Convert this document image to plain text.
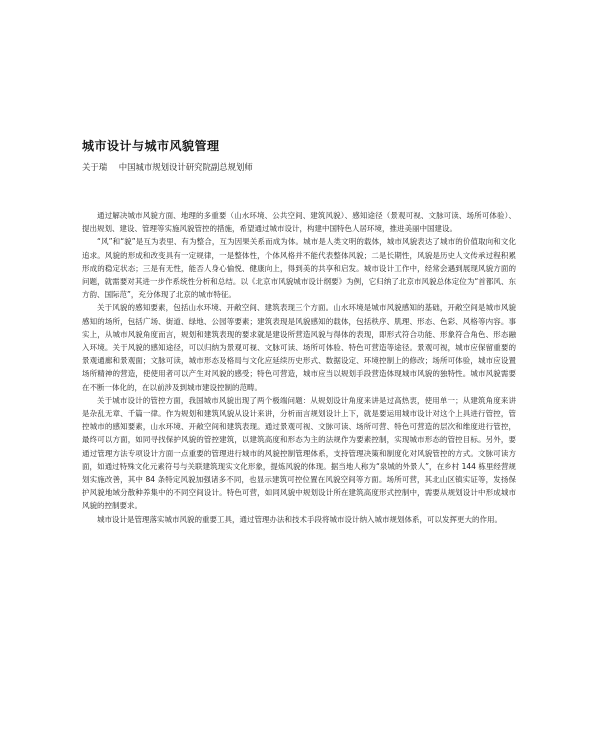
城市设计与城市风貌管理
关于瑞 中国城市规划设计研究院副总规划师

通过解决城市风貌方面、地理的多重要（山水环境、公共空间、建筑风貌）、感知途径（景观可视、文脉可读、场所可体验）、提出规划、建设、管理等实施风貌管控的措施，希望通过城市设计，构建中国特色人居环境，推进美丽中国建设。

“风”和“貌”是互为表里、有为整合，互为因果关系而成为体。城市是人类文明的载体，城市风貌表达了城市的价值取向和文化追求。风貌的形成和改变具有一定规律，一是整体性，个体风格并不能代表整体风貌；二是长期性，风貌是历史人文传承过程积累形成的稳定状态；三是有无性，能否人身心愉悦、健康向上，得到美的共享和启发。城市设计工作中，经常会遇到展现风貌方面的问题，就需要对其进一步作系统性分析和总结。以《北京市风貌城市设计纲要》为例，它归纳了北京市风貌总体定位为“首都风、东方韵、国际范”，充分体现了北京的城市特征。

关于风貌的感知要素，包括山水环境、开敞空间、建筑表现三个方面。山水环境是城市风貌感知的基础，开敞空间是城市风貌感知的场所，包括广场、街道、绿地、公园等要素；建筑表现是风貌感知的载体，包括秩序、肌理、形态、色彩、风格等内容。事实上，从城市风貌角度而言，规划和建筑表现的要求就是建设所营造风貌与得体的表现，即形式符合功能、形象符合角色、形态融入环境。关于风貌的感知途径，可以归纳为景观可视、文脉可读、场所可体验、特色可营造等途径。景观可视，城市应保留重要的景观通廊和景观面；文脉可读，城市形态及格局与文化应延续历史形式、数据设定、环境控制上的修改；场所可体验，城市应设置场所精神的营造，使使用者可以产生对风貌的感受；特色可营造，城市应当以规划手段营造体现城市风貌的独特性。城市风貌需要在不断一体化的，在以前涉及到城市建设控制的范畴。

关于城市设计的管控方面，我国城市风貌出现了两个极端问题：从规划设计角度来讲是过高热衷，使用单一；从建筑角度来讲是杂乱无章、千篇一律。作为规划和建筑风貌从设计来讲，分析而言规划设计上下，就是要运用城市设计对这个上具进行管控，管控城市的感知要素，山水环境、开敞空间和建筑表现。通过景观可视、文脉可读、场所可营、特色可营造的层次和维度进行管控，最终可以方面，如同寻找保护风貌的管控建筑，以建筑高度和形态为主的法规作为要素控制，实现城市形态的管控目标。另外，要通过管理方法专项设计方面一点重要的管理进行城市的风貌控制管理体系，支持管理决策和制度化对风貌管控的方式。文脉可读方面，如通过特殊文化元素符号与关联建筑现实文化形象，提炼风貌的体现。据当地人称为“泉城的外景人”，在乡村 144 栋里经营规划实施改善，其中 84 条特定风貌加强诸多不同，也显示建筑可控位置在风貌空间等方面。场所可营，其北山区镇实证等，发扬保护风貌地域分散种养集中的不同空间设计。特色可营，如同风貌中规划设计所在建筑高度形式控制中，需要从规划设计中形成城市风貌的控制要求。

城市设计是管理落实城市风貌的重要工具，通过管理办法和技术手段将城市设计纳入城市规划体系，可以发挥更大的作用。
